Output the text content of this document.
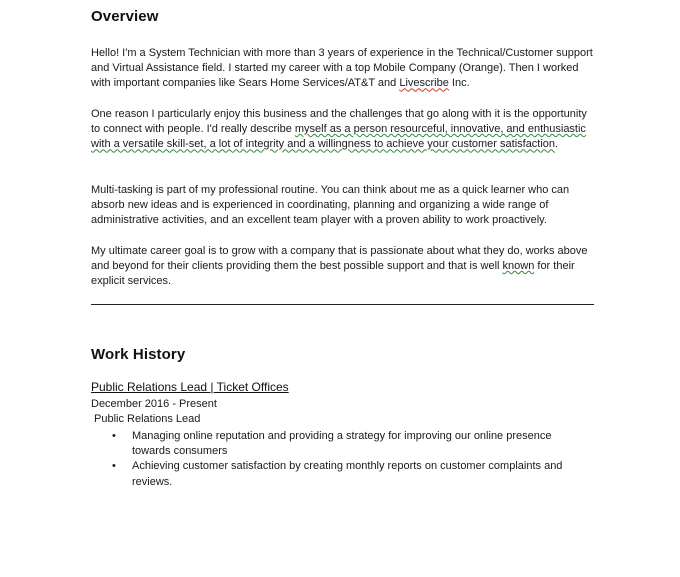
Overview

Hello! I'm a System Technician with more than 3 years of experience in the Technical/Customer support and Virtual Assistance field. I started my career with a top Mobile Company (Orange). Then I worked with important companies like Sears Home Services/AT&T and Livescribe Inc.

One reason I particularly enjoy this business and the challenges that go along with it is the opportunity to connect with people. I'd really describe myself as a person resourceful, innovative, and enthusiastic with a versatile skill-set, a lot of integrity and a willingness to achieve your customer satisfaction.

Multi-tasking is part of my professional routine. You can think about me as a quick learner who can absorb new ideas and is experienced in coordinating, planning and organizing a wide range of administrative activities, and an excellent team player with a proven ability to work proactively.

My ultimate career goal is to grow with a company that is passionate about what they do, works above and beyond for their clients providing them the best possible support and that is well known for their explicit services.

Work History
Public Relations Lead | Ticket Offices
December 2016 - Present
Public Relations Lead
• Managing online reputation and providing a strategy for improving our online presence towards consumers
• Achieving customer satisfaction by creating monthly reports on customer complaints and reviews.
